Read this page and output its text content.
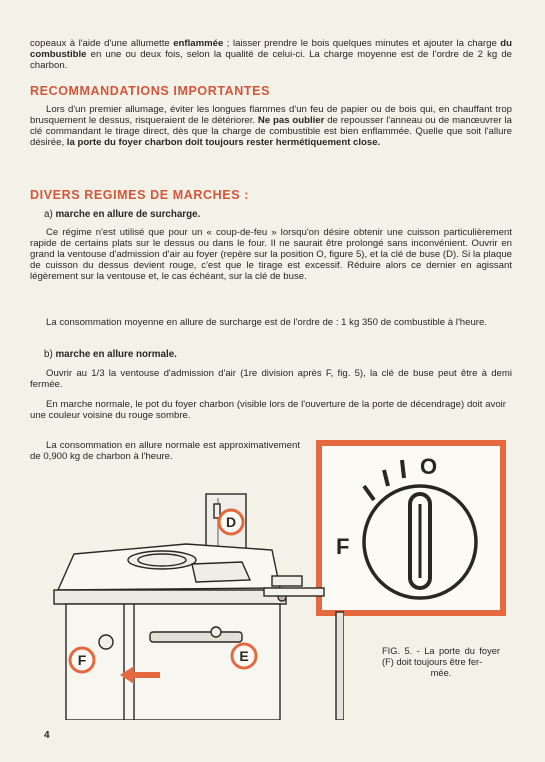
copeaux à l'aide d'une allumette enflammée ; laisser prendre le bois quelques minutes et ajouter la charge du combustible en une ou deux fois, selon la qualité de celui-ci. La charge moyenne est de l'ordre de 2 kg de charbon.

RECOMMANDATIONS IMPORTANTES

Lors d'un premier allumage, éviter les longues flammes d'un feu de papier ou de bois qui, en chauffant trop brusquement le dessus, risqueraient de le détériorer. Ne pas oublier de repousser l'anneau ou de manœuvrer la clé commandant le tirage direct, dès que la charge de combustible est bien enflammée. Quelle que soit l'allure désirée, la porte du foyer charbon doit toujours rester hermétiquement close.

DIVERS REGIMES DE MARCHES :

a) marche en allure de surcharge.

Ce régime n'est utilisé que pour un « coup-de-feu » lorsqu'on désire obtenir une cuisson particulièrement rapide de certains plats sur le dessus ou dans le four. Il ne saurait être prolongé sans inconvénient. Ouvrir en grand la ventouse d'admission d'air au foyer (repère sur la position O, figure 5), et la clé de buse (D). Si la plaque de cuisson du dessus devient rouge, c'est que le tirage est excessif. Réduire alors ce dernier en agissant légèrement sur la ventouse et, le cas échéant, sur la clé de buse.

La consommation moyenne en allure de surcharge est de l'ordre de : 1 kg 350 de combustible à l'heure.

b) marche en allure normale.

Ouvrir au 1/3 la ventouse d'admission d'air (1re division après F, fig. 5), la clé de buse peut être à demi fermée.

En marche normale, le pot du foyer charbon (visible lors de l'ouverture de la porte de décendrage) doit avoir une couleur voisine du rouge sombre.

La consommation en allure normale est approximativement de 0,900 kg de charbon à l'heure.

F
O
D
E
F

FIG. 5. - La porte du foyer (F) doit toujours être fer-
mée.

4
